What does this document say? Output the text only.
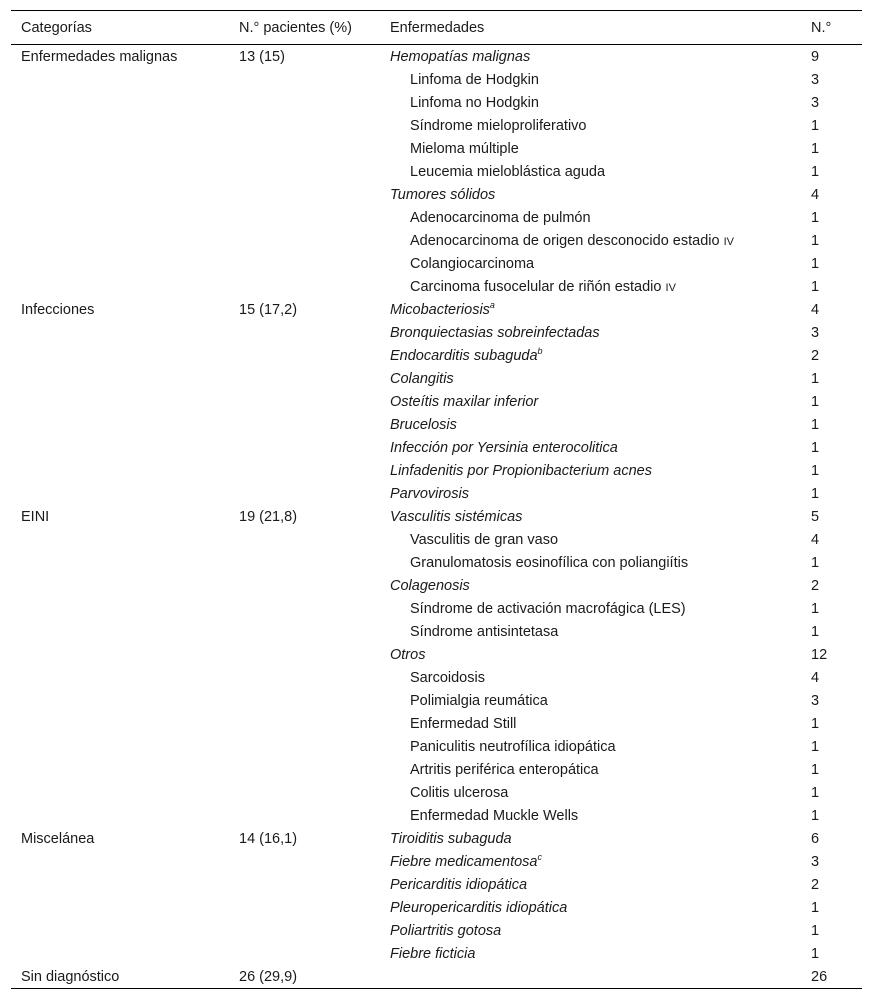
Categorías	N.° pacientes (%)	Enfermedades	N.°
Enfermedades malignas	13 (15)	Hemopatías malignas	9
		Linfoma de Hodgkin	3
		Linfoma no Hodgkin	3
		Síndrome mieloproliferativo	1
		Mieloma múltiple	1
		Leucemia mieloblástica aguda	1
		Tumores sólidos	4
		Adenocarcinoma de pulmón	1
		Adenocarcinoma de origen desconocido estadio IV	1
		Colangiocarcinoma	1
		Carcinoma fusocelular de riñón estadio IV	1
Infecciones	15 (17,2)	Micobacteriosis$^a$	4
		Bronquiectasias sobreinfectadas	3
		Endocarditis subaguda$^b$	2
		Colangitis	1
		Osteítis maxilar inferior	1
		Brucelosis	1
		Infección por Yersinia enterocolitica	1
		Linfadenitis por Propionibacterium acnes	1
		Parvovirosis	1
EINI	19 (21,8)	Vasculitis sistémicas	5
		Vasculitis de gran vaso	4
		Granulomatosis eosinofílica con poliangiítis	1
		Colagenosis	2
		Síndrome de activación macrofágica (LES)	1
		Síndrome antisintetasa	1
		Otros	12
		Sarcoidosis	4
		Polimialgia reumática	3
		Enfermedad Still	1
		Paniculitis neutrofílica idiopática	1
		Artritis periférica enteropática	1
		Colitis ulcerosa	1
		Enfermedad Muckle Wells	1
Miscelánea	14 (16,1)	Tiroiditis subaguda	6
		Fiebre medicamentosa$^c$	3
		Pericarditis idiopática	2
		Pleuropericarditis idiopática	1
		Poliartritis gotosa	1
		Fiebre ficticia	1
Sin diagnóstico	26 (29,9)		26
